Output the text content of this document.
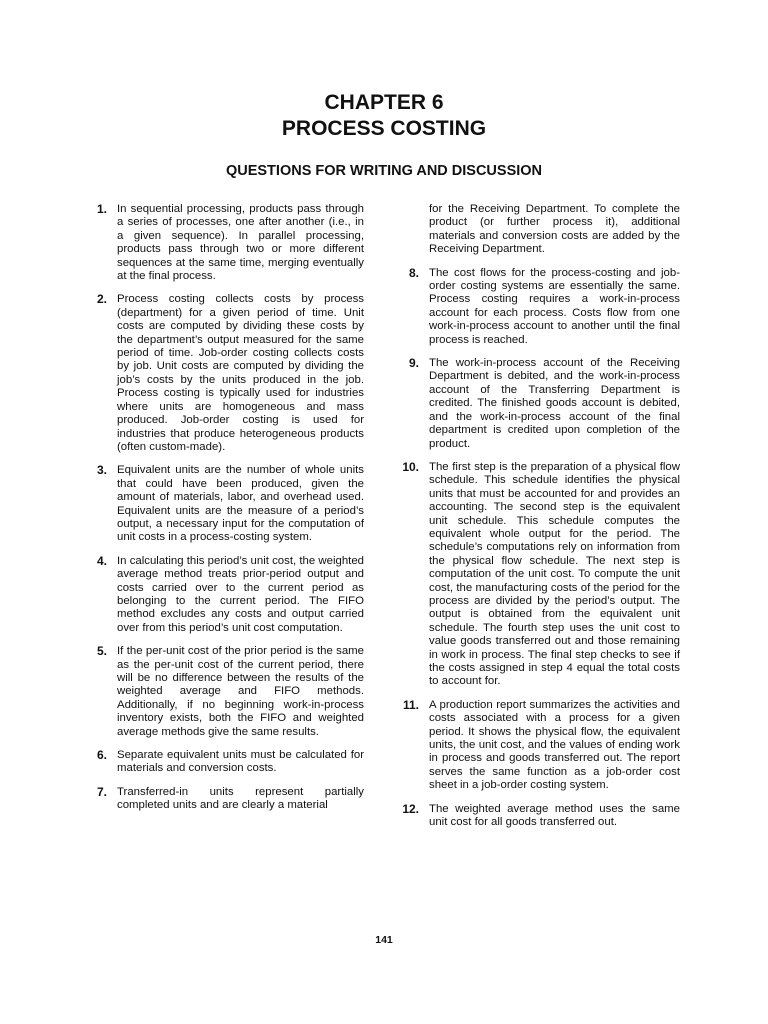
CHAPTER 6
PROCESS COSTING
QUESTIONS FOR WRITING AND DISCUSSION
1. In sequential processing, products pass through a series of processes, one after another (i.e., in a given sequence). In parallel processing, products pass through two or more different sequences at the same time, merging eventually at the final process.
2. Process costing collects costs by process (department) for a given period of time. Unit costs are computed by dividing these costs by the department’s output measured for the same period of time. Job-order costing collects costs by job. Unit costs are computed by dividing the job’s costs by the units produced in the job. Process costing is typically used for industries where units are homogeneous and mass produced. Job-order costing is used for industries that produce heterogeneous products (often custom-made).
3. Equivalent units are the number of whole units that could have been produced, given the amount of materials, labor, and overhead used. Equivalent units are the measure of a period’s output, a necessary input for the computation of unit costs in a process-costing system.
4. In calculating this period’s unit cost, the weighted average method treats prior-period output and costs carried over to the current period as belonging to the current period. The FIFO method excludes any costs and output carried over from this period’s unit cost computation.
5. If the per-unit cost of the prior period is the same as the per-unit cost of the current period, there will be no difference between the results of the weighted average and FIFO methods. Additionally, if no beginning work-in-process inventory exists, both the FIFO and weighted average methods give the same results.
6. Separate equivalent units must be calculated for materials and conversion costs.
7. Transferred-in units represent partially completed units and are clearly a material
for the Receiving Department. To complete the product (or further process it), additional materials and conversion costs are added by the Receiving Department.
8. The cost flows for the process-costing and job-order costing systems are essentially the same. Process costing requires a work-in-process account for each process. Costs flow from one work-in-process account to another until the final process is reached.
9. The work-in-process account of the Receiving Department is debited, and the work-in-process account of the Transferring Department is credited. The finished goods account is debited, and the work-in-process account of the final department is credited upon completion of the product.
10. The first step is the preparation of a physical flow schedule. This schedule identifies the physical units that must be accounted for and provides an accounting. The second step is the equivalent unit schedule. This schedule computes the equivalent whole output for the period. The schedule’s computations rely on information from the physical flow schedule. The next step is computation of the unit cost. To compute the unit cost, the manufacturing costs of the period for the process are divided by the period’s output. The output is obtained from the equivalent unit schedule. The fourth step uses the unit cost to value goods transferred out and those remaining in work in process. The final step checks to see if the costs assigned in step 4 equal the total costs to account for.
11. A production report summarizes the activities and costs associated with a process for a given period. It shows the physical flow, the equivalent units, the unit cost, and the values of ending work in process and goods transferred out. The report serves the same function as a job-order cost sheet in a job-order costing system.
12. The weighted average method uses the same unit cost for all goods transferred out.
141
